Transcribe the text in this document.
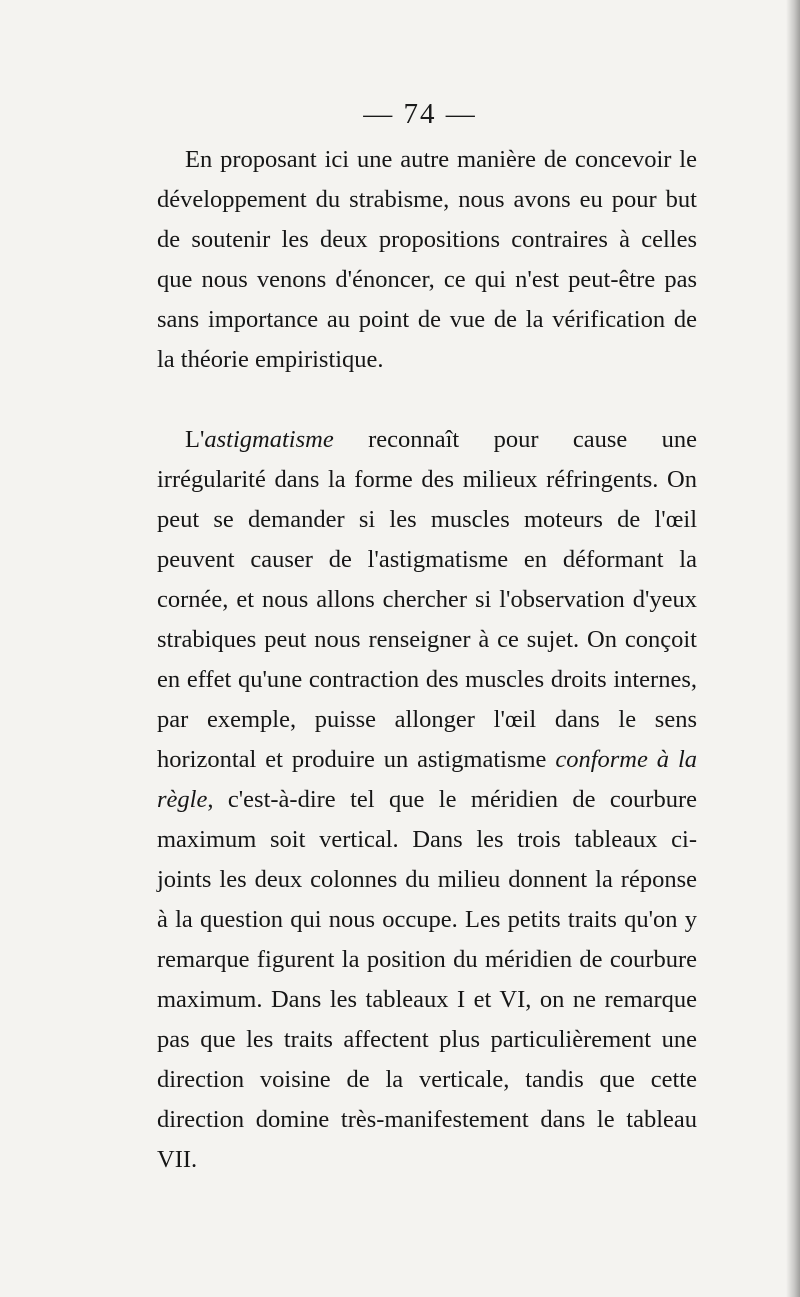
— 74 —

En proposant ici une autre manière de concevoir le développement du strabisme, nous avons eu pour but de soutenir les deux propositions contraires à celles que nous venons d'énoncer, ce qui n'est peut-être pas sans importance au point de vue de la vérification de la théorie empiristique.

L'astigmatisme reconnaît pour cause une irrégularité dans la forme des milieux réfringents. On peut se demander si les muscles moteurs de l'œil peuvent causer de l'astigmatisme en déformant la cornée, et nous allons chercher si l'observation d'yeux strabiques peut nous renseigner à ce sujet. On conçoit en effet qu'une contraction des muscles droits internes, par exemple, puisse allonger l'œil dans le sens horizontal et produire un astigmatisme conforme à la règle, c'est-à-dire tel que le méridien de courbure maximum soit vertical. Dans les trois tableaux ci-joints les deux colonnes du milieu donnent la réponse à la question qui nous occupe. Les petits traits qu'on y remarque figurent la position du méridien de courbure maximum. Dans les tableaux I et VI, on ne remarque pas que les traits affectent plus particulièrement une direction voisine de la verticale, tandis que cette direction domine très-manifestement dans le tableau VII.
